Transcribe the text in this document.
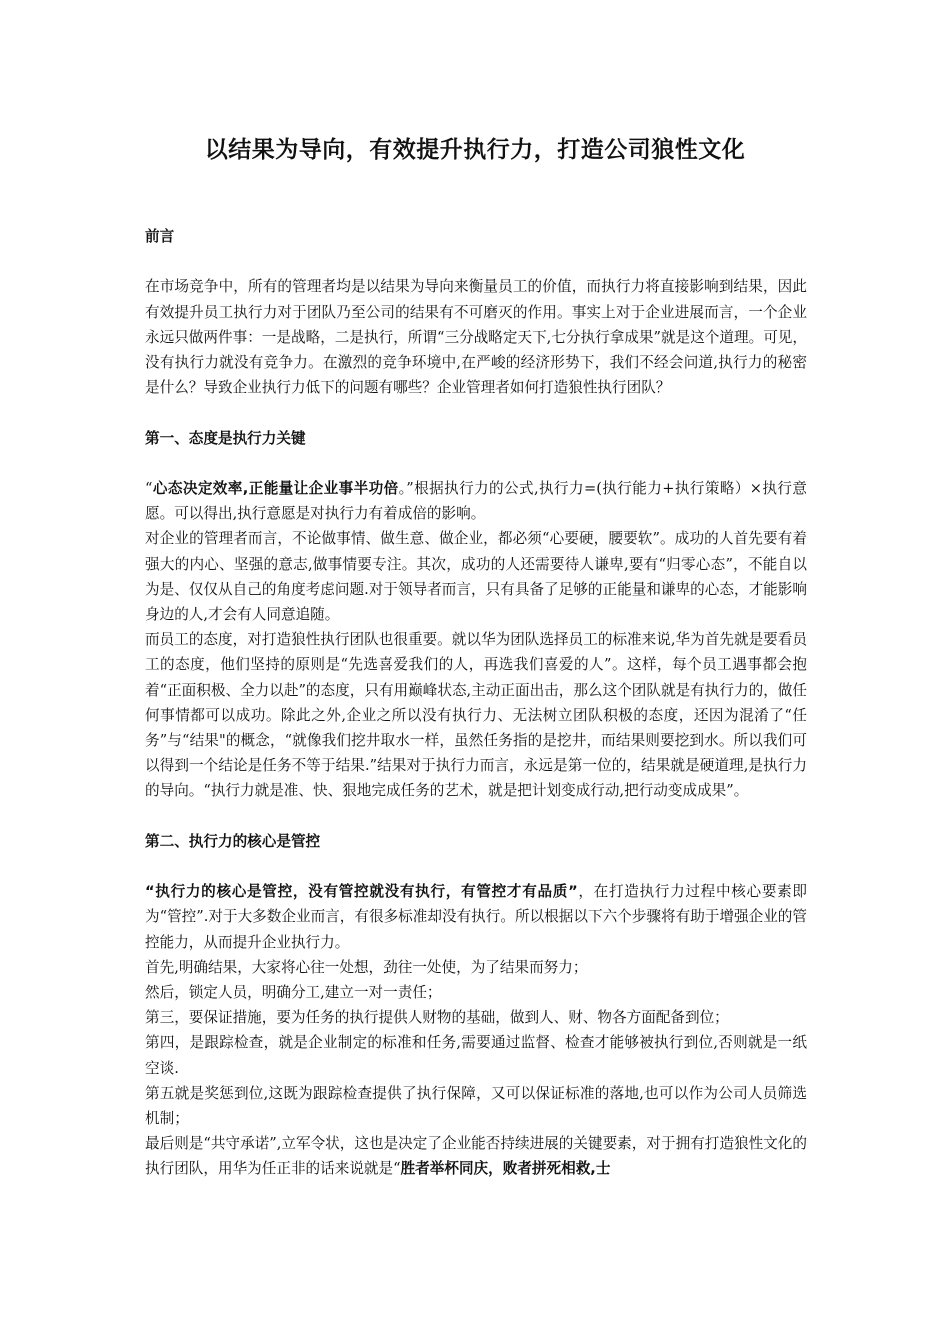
以结果为导向，有效提升执行力，打造公司狼性文化

前言

在市场竞争中，所有的管理者均是以结果为导向来衡量员工的价值，而执行力将直接影响到结果，因此有效提升员工执行力对于团队乃至公司的结果有不可磨灭的作用。事实上对于企业进展而言，一个企业永远只做两件事：一是战略，二是执行，所谓“三分战略定天下,七分执行拿成果”就是这个道理。可见，没有执行力就没有竞争力。在激烈的竞争环境中,在严峻的经济形势下，我们不经会问道,执行力的秘密是什么？导致企业执行力低下的问题有哪些？企业管理者如何打造狼性执行团队？

第一、态度是执行力关键

“心态决定效率,正能量让企业事半功倍。”根据执行力的公式,执行力=(执行能力+执行策略）×执行意愿。可以得出,执行意愿是对执行力有着成倍的影响。

对企业的管理者而言，不论做事情、做生意、做企业，都必须“心要硬，腰要软”。成功的人首先要有着强大的内心、坚强的意志,做事情要专注。其次，成功的人还需要待人谦卑,要有“归零心态”，不能自以为是、仅仅从自己的角度考虑问题.对于领导者而言，只有具备了足够的正能量和谦卑的心态，才能影响身边的人,才会有人同意追随。

而员工的态度，对打造狼性执行团队也很重要。就以华为团队选择员工的标准来说,华为首先就是要看员工的态度，他们坚持的原则是“先选喜爱我们的人，再选我们喜爱的人”。这样，每个员工遇事都会抱着“正面积极、全力以赴”的态度，只有用巅峰状态,主动正面出击，那么这个团队就是有执行力的，做任何事情都可以成功。除此之外,企业之所以没有执行力、无法树立团队积极的态度，还因为混淆了“任务”与“结果"的概念，“就像我们挖井取水一样，虽然任务指的是挖井，而结果则要挖到水。所以我们可以得到一个结论是任务不等于结果.”结果对于执行力而言，永远是第一位的，结果就是硬道理,是执行力的导向。“执行力就是准、快、狠地完成任务的艺术，就是把计划变成行动,把行动变成成果”。

第二、执行力的核心是管控

“执行力的核心是管控，没有管控就没有执行，有管控才有品质”，在打造执行力过程中核心要素即为“管控”.对于大多数企业而言，有很多标准却没有执行。所以根据以下六个步骤将有助于增强企业的管控能力，从而提升企业执行力。

首先,明确结果，大家将心往一处想，劲往一处使，为了结果而努力；

然后，锁定人员，明确分工,建立一对一责任；

第三，要保证措施，要为任务的执行提供人财物的基础，做到人、财、物各方面配备到位；

第四，是跟踪检查，就是企业制定的标准和任务,需要通过监督、检查才能够被执行到位,否则就是一纸空谈.

第五就是奖惩到位,这既为跟踪检查提供了执行保障，又可以保证标准的落地,也可以作为公司人员筛选机制；

最后则是“共守承诺”,立军令状，这也是决定了企业能否持续进展的关键要素，对于拥有打造狼性文化的执行团队，用华为任正非的话来说就是“胜者举杯同庆，败者拼死相救,士
